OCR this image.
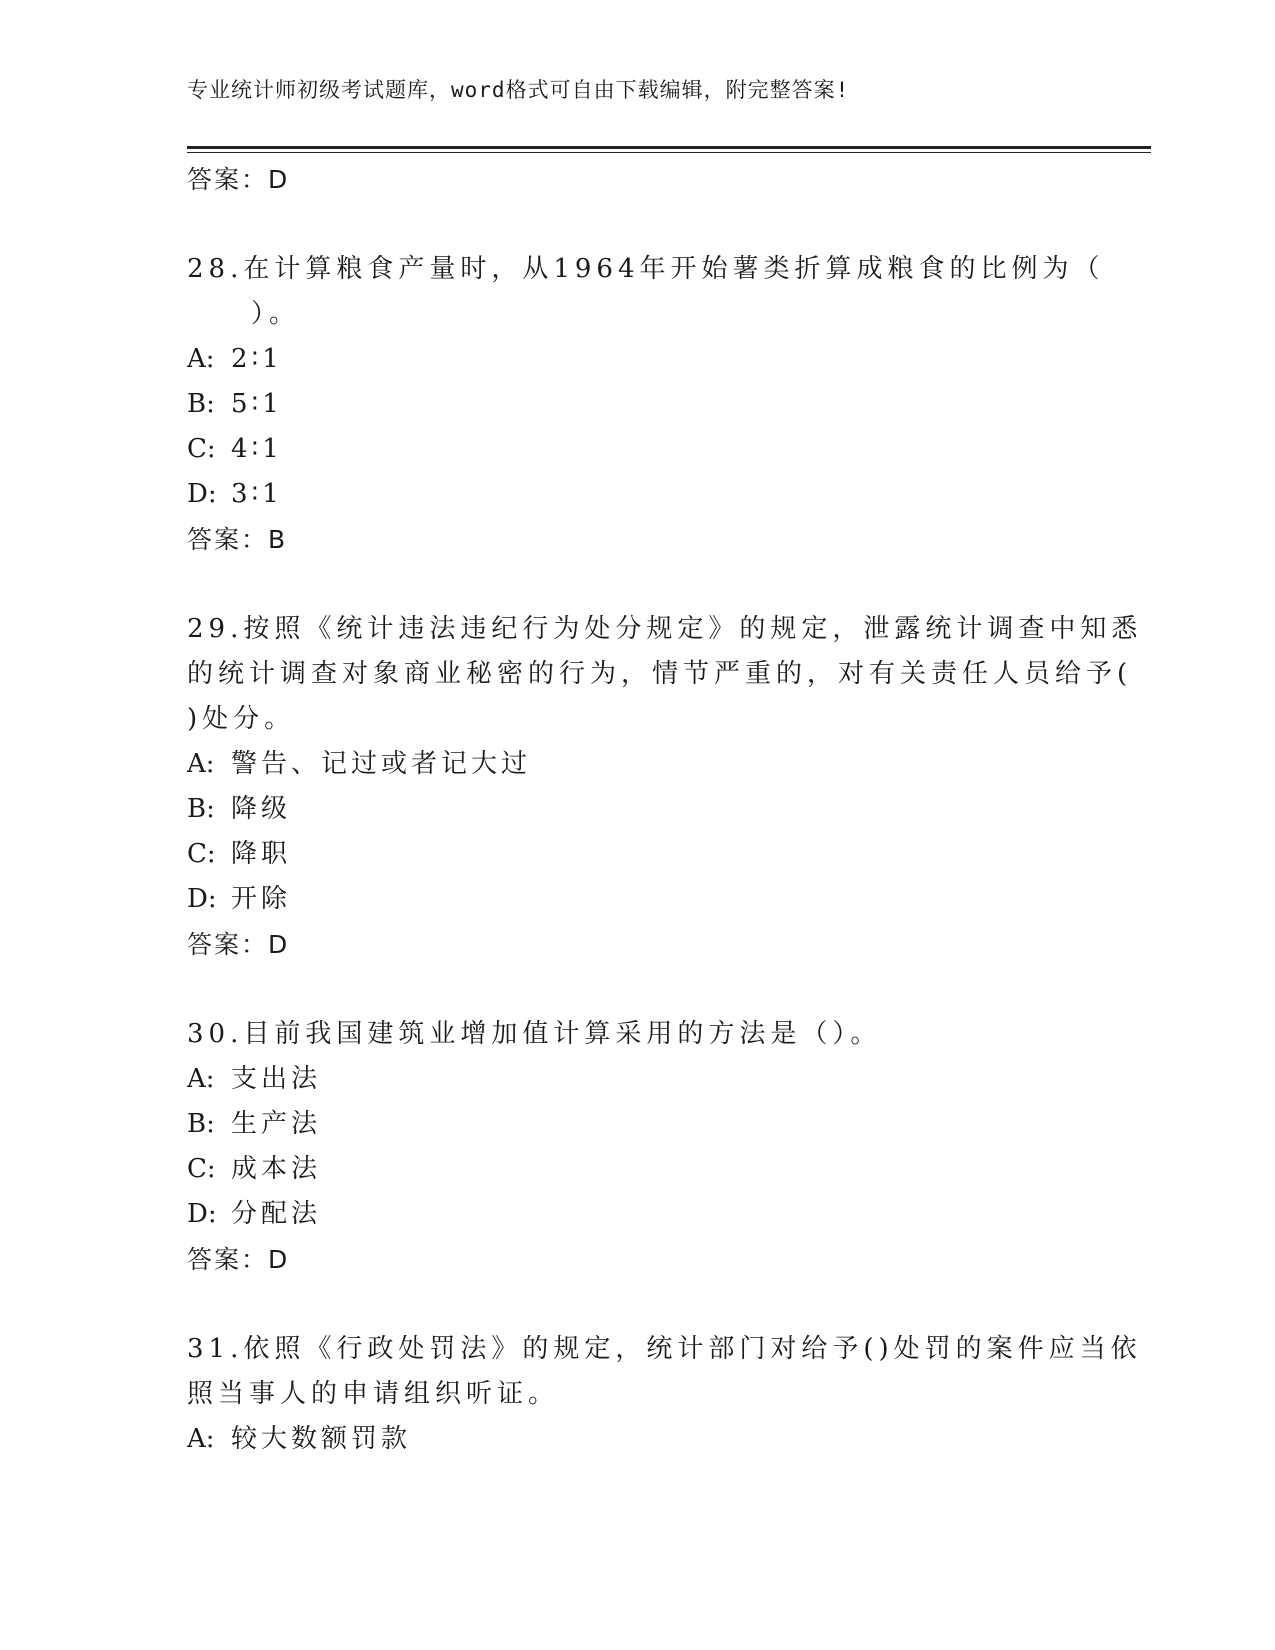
专业统计师初级考试题库，word格式可自由下载编辑，附完整答案!
答案：D
28.在计算粮食产量时，从1964年开始薯类折算成粮食的比例为（
）。
A: 2∶1
B: 5∶1
C: 4∶1
D: 3∶1
答案：B
29.按照《统计违法违纪行为处分规定》的规定，泄露统计调查中知悉
的统计调查对象商业秘密的行为，情节严重的，对有关责任人员给予(
)处分。
A: 警告、记过或者记大过
B: 降级
C: 降职
D: 开除
答案：D
30.目前我国建筑业增加值计算采用的方法是（）。
A: 支出法
B: 生产法
C: 成本法
D: 分配法
答案：D
31.依照《行政处罚法》的规定，统计部门对给予()处罚的案件应当依
照当事人的申请组织听证。
A: 较大数额罚款
